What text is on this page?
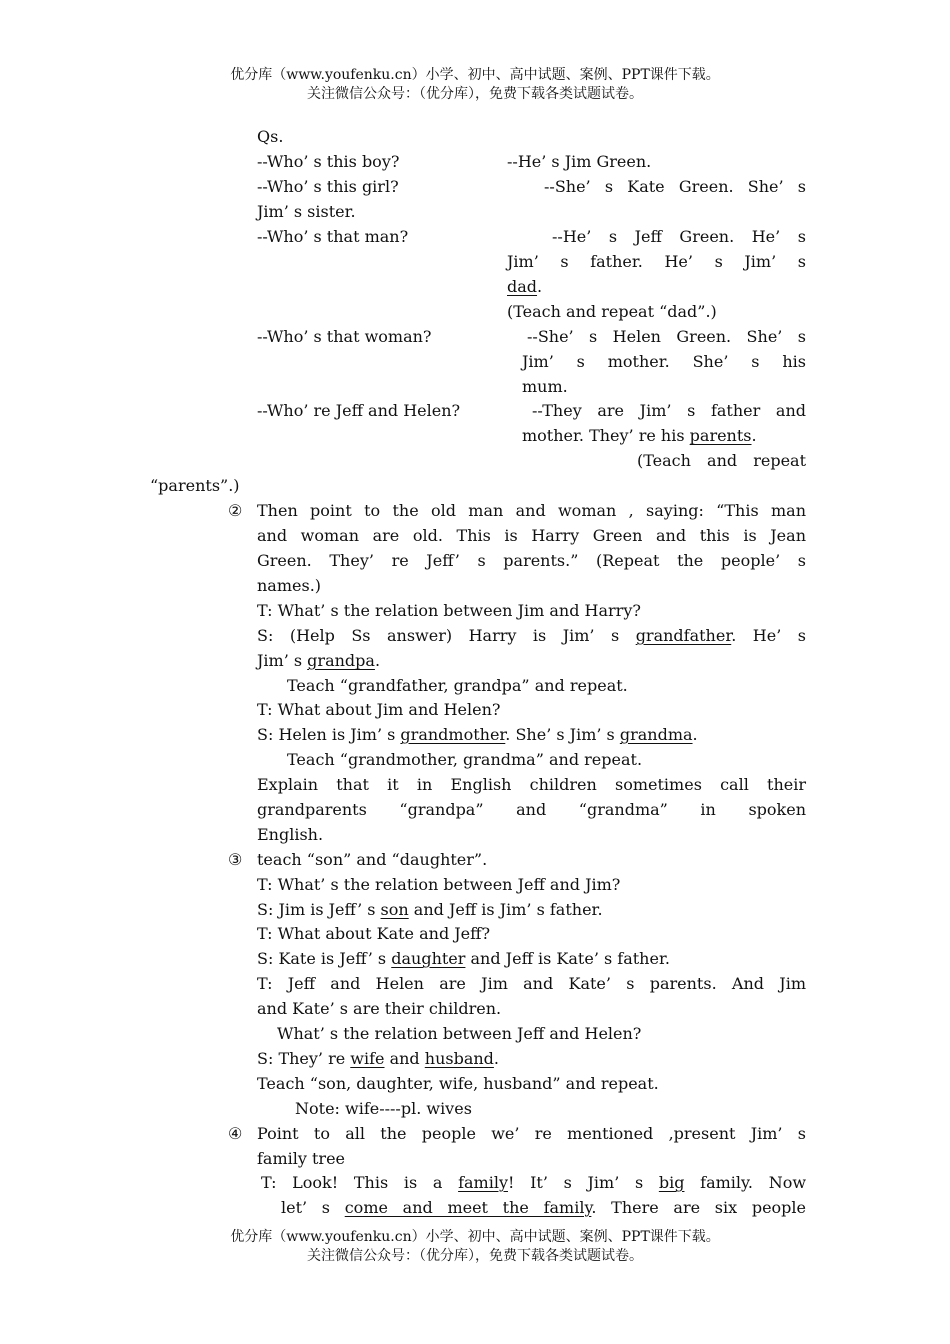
优分库（www.youfenku.cn）小学、初中、高中试题、案例、PPT课件下载。
关注微信公众号：（优分库），免费下载各类试题试卷。
Qs.
--Who’ s this boy?	--He’ s Jim Green.
--Who’ s this girl?	--She’ s Kate Green. She’ s
Jim’ s sister.
--Who’ s that man?	--He’ s Jeff Green. He’ s
Jim’ s father. He’ s Jim’ s
dad.
(Teach and repeat “dad”.)
--Who’ s that woman?	--She’ s Helen Green. She’ s
Jim’ s mother. She’ s his
mum.
--Who’ re Jeff and Helen?	--They are Jim’ s father and
mother. They’ re his parents.
(Teach and repeat
“parents”.)
② Then point to the old man and woman , saying: “This man
and woman are old. This is Harry Green and this is Jean
Green. They’ re Jeff’ s parents.” (Repeat the people’ s
names.)
T: What’ s the relation between Jim and Harry?
S: (Help Ss answer) Harry is Jim’ s grandfather. He’ s
Jim’ s grandpa.
Teach “grandfather, grandpa” and repeat.
T: What about Jim and Helen?
S: Helen is Jim’ s grandmother. She’ s Jim’ s grandma.
Teach “grandmother, grandma” and repeat.
Explain that it in English children sometimes call their
grandparents “grandpa” and “grandma” in spoken
English.
③ teach “son” and “daughter”.
T: What’ s the relation between Jeff and Jim?
S: Jim is Jeff’ s son and Jeff is Jim’ s father.
T: What about Kate and Jeff?
S: Kate is Jeff’ s daughter and Jeff is Kate’ s father.
T: Jeff and Helen are Jim and Kate’ s parents. And Jim
and Kate’ s are their children.
What’ s the relation between Jeff and Helen?
S: They’ re wife and husband.
Teach “son, daughter, wife, husband” and repeat.
Note: wife----pl. wives
④ Point to all the people we’ re mentioned ,present Jim’ s
family tree
T: Look! This is a family! It’ s Jim’ s big family. Now
let’ s come and meet the family. There are six people
优分库（www.youfenku.cn）小学、初中、高中试题、案例、PPT课件下载。
关注微信公众号：（优分库），免费下载各类试题试卷。
